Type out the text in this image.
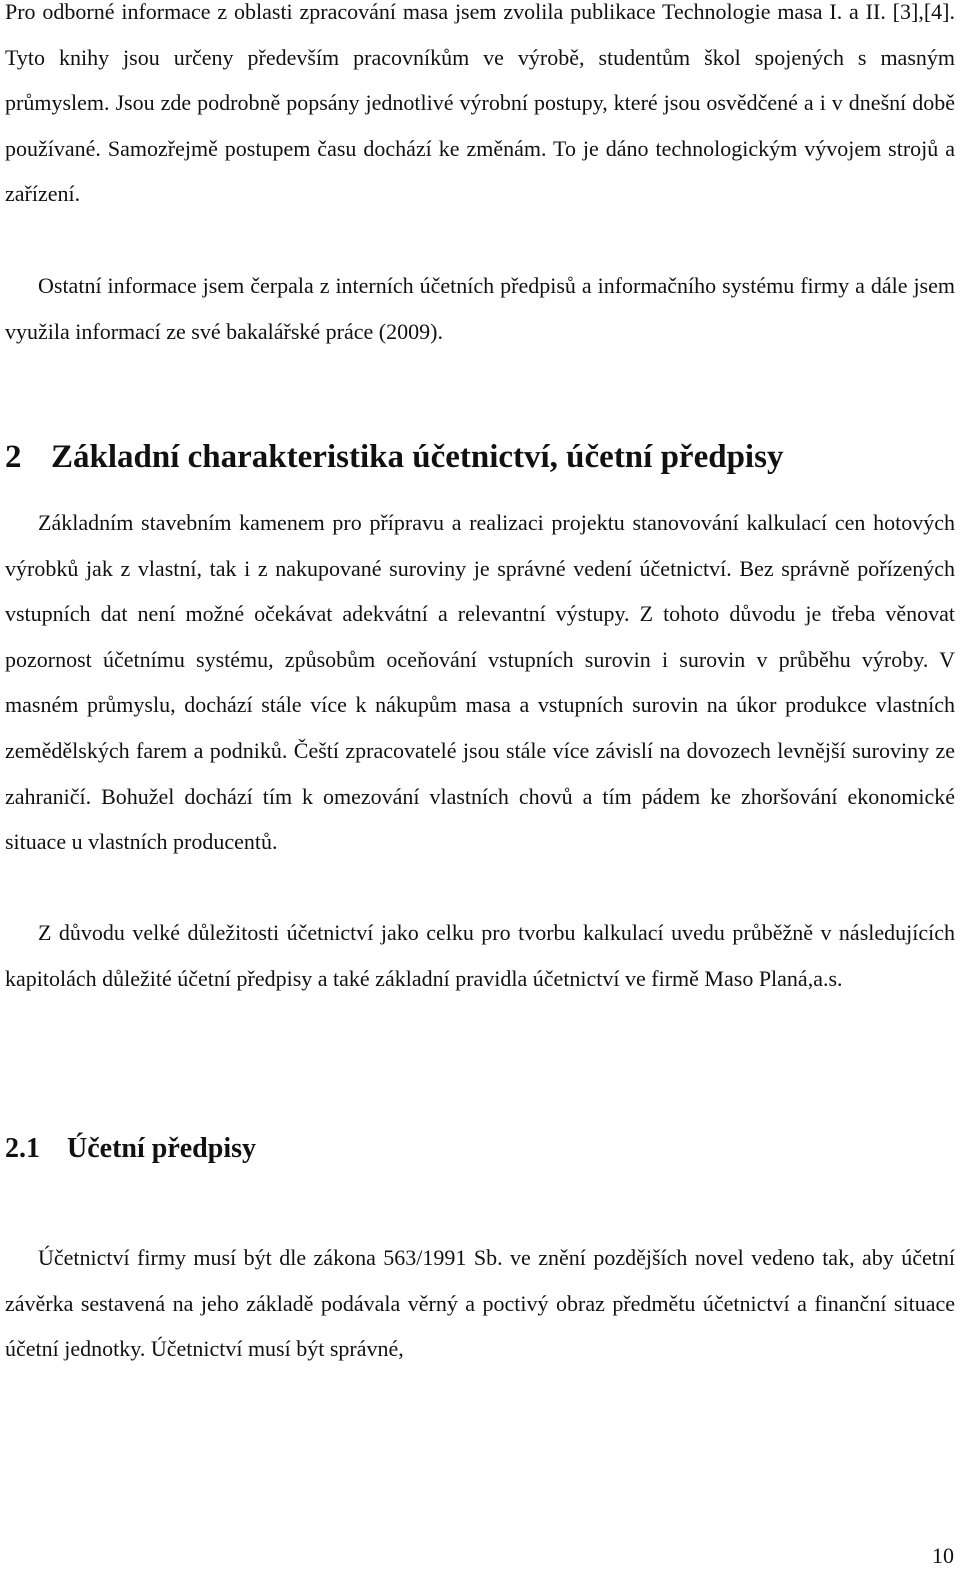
Pro odborné informace z oblasti zpracování masa jsem zvolila publikace Technologie masa I. a II. [3],[4]. Tyto knihy jsou určeny především pracovníkům ve výrobě, studentům škol spojených s masným průmyslem. Jsou zde podrobně popsány jednotlivé výrobní postupy, které jsou osvědčené a i v dnešní době používané. Samozřejmě postupem času dochází ke změnám. To je dáno technologickým vývojem strojů a zařízení.

Ostatní informace jsem čerpala z interních účetních předpisů a informačního systému firmy a dále jsem využila informací ze své bakalářské práce (2009).

2 Základní charakteristika účetnictví, účetní předpisy

Základním stavebním kamenem pro přípravu a realizaci projektu stanovování kalkulací cen hotových výrobků jak z vlastní, tak i z nakupované suroviny je správné vedení účetnictví. Bez správně pořízených vstupních dat není možné očekávat adekvátní a relevantní výstupy. Z tohoto důvodu je třeba věnovat pozornost účetnímu systému, způsobům oceňování vstupních surovin i surovin v průběhu výroby. V masném průmyslu, dochází stále více k nákupům masa a vstupních surovin na úkor produkce vlastních zemědělských farem a podniků. Čeští zpracovatelé jsou stále více závislí na dovozech levnější suroviny ze zahraničí. Bohužel dochází tím k omezování vlastních chovů a tím pádem ke zhoršování ekonomické situace u vlastních producentů.

Z důvodu velké důležitosti účetnictví jako celku pro tvorbu kalkulací uvedu průběžně v následujících kapitolách důležité účetní předpisy a také základní pravidla účetnictví ve firmě Maso Planá,a.s.

2.1 Účetní předpisy

Účetnictví firmy musí být dle zákona 563/1991 Sb. ve znění pozdějších novel vedeno tak, aby účetní závěrka sestavená na jeho základě podávala věrný a poctivý obraz předmětu účetnictví a finanční situace účetní jednotky. Účetnictví musí být správné,

10
